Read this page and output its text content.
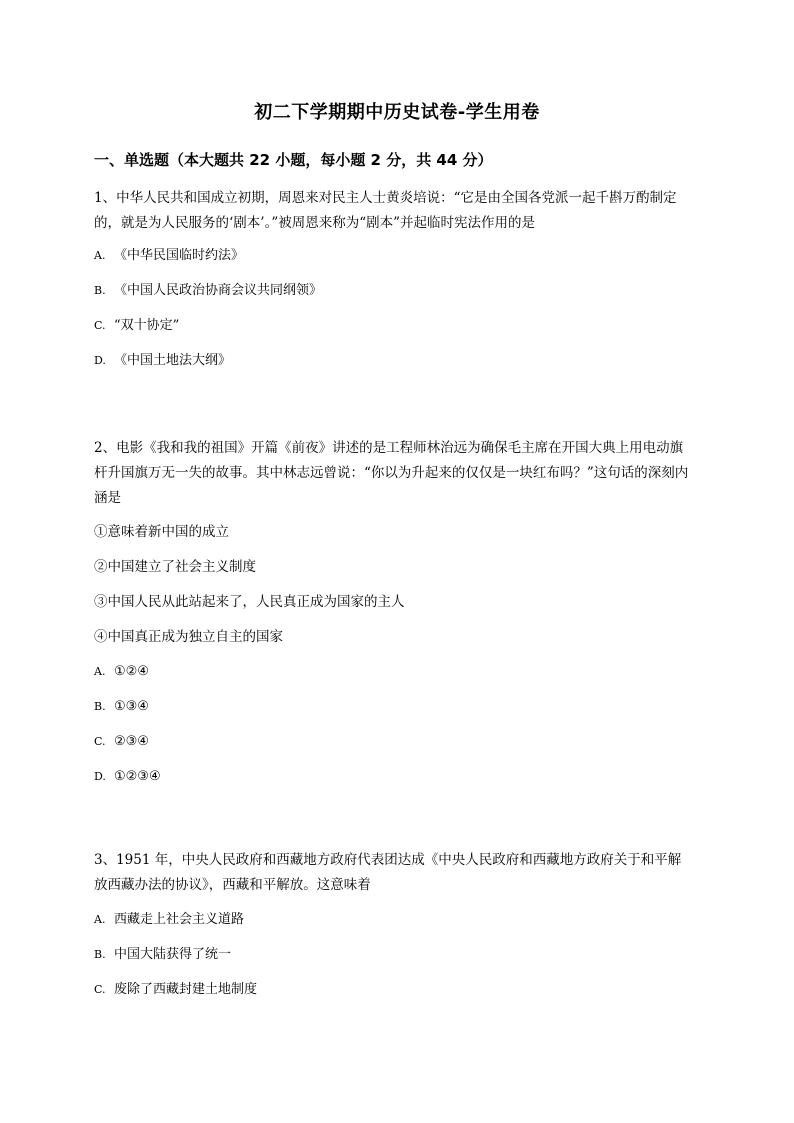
初二下学期期中历史试卷-学生用卷
一、单选题（本大题共 22 小题，每小题 2 分，共 44 分）

1、中华人民共和国成立初期，周恩来对民主人士黄炎培说：“它是由全国各党派一起千斟万酌制定的，就是为人民服务的‘剧本’。”被周恩来称为“剧本”并起临时宪法作用的是

A. 《中华民国临时约法》
B. 《中国人民政治协商会议共同纲领》
C. “双十协定”
D. 《中国土地法大纲》

2、电影《我和我的祖国》开篇《前夜》讲述的是工程师林治远为确保毛主席在开国大典上用电动旗杆升国旗万无一失的故事。其中林志远曾说：“你以为升起来的仅仅是一块红布吗？”这句话的深刻内涵是

①意味着新中国的成立
②中国建立了社会主义制度
③中国人民从此站起来了，人民真正成为国家的主人
④中国真正成为独立自主的国家
A. ①②④
B. ①③④
C. ②③④
D. ①②③④

3、1951 年，中央人民政府和西藏地方政府代表团达成《中央人民政府和西藏地方政府关于和平解放西藏办法的协议》，西藏和平解放。这意味着

A. 西藏走上社会主义道路
B. 中国大陆获得了统一
C. 废除了西藏封建土地制度
